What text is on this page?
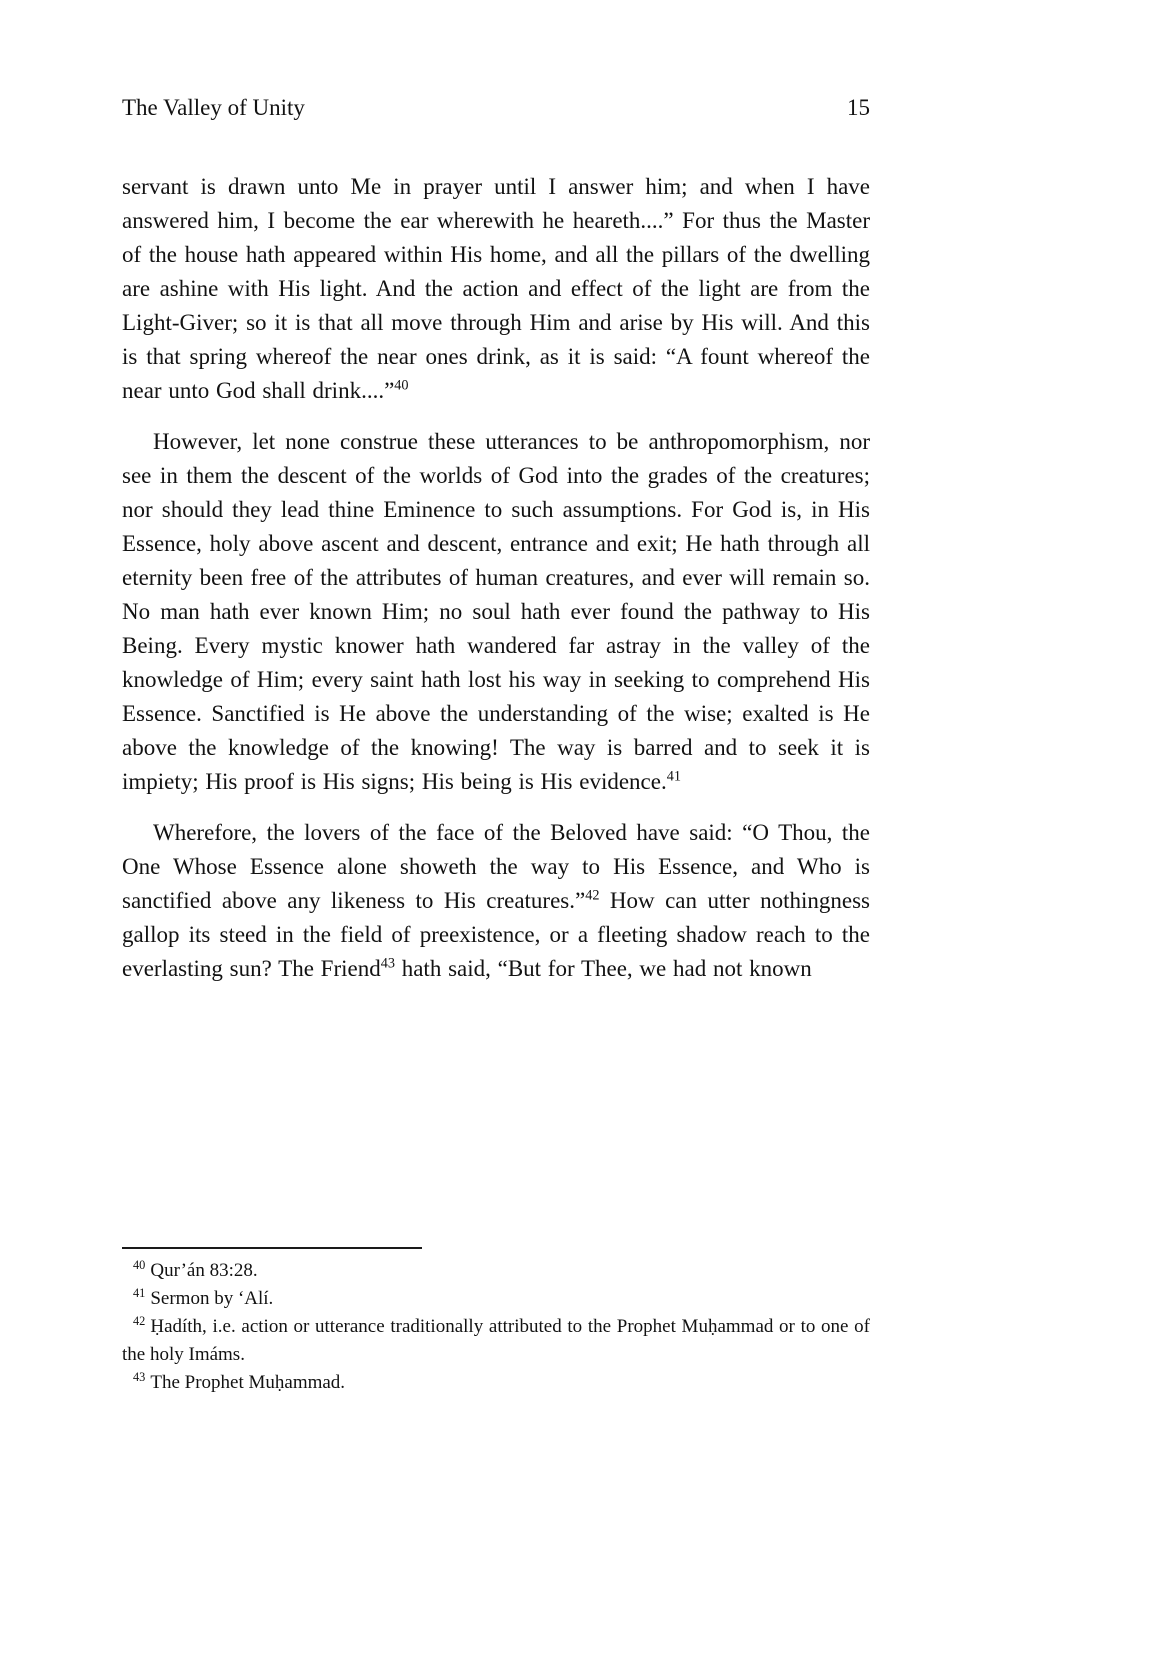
The Valley of Unity	15

servant is drawn unto Me in prayer until I answer him; and when I have answered him, I become the ear wherewith he heareth....” For thus the Master of the house hath appeared within His home, and all the pillars of the dwelling are ashine with His light. And the action and effect of the light are from the Light-Giver; so it is that all move through Him and arise by His will. And this is that spring whereof the near ones drink, as it is said: “A fount whereof the near unto God shall drink....”$^{40}$

However, let none construe these utterances to be anthropomorphism, nor see in them the descent of the worlds of God into the grades of the creatures; nor should they lead thine Eminence to such assumptions. For God is, in His Essence, holy above ascent and descent, entrance and exit; He hath through all eternity been free of the attributes of human creatures, and ever will remain so. No man hath ever known Him; no soul hath ever found the pathway to His Being. Every mystic knower hath wandered far astray in the valley of the knowledge of Him; every saint hath lost his way in seeking to comprehend His Essence. Sanctified is He above the understanding of the wise; exalted is He above the knowledge of the knowing! The way is barred and to seek it is impiety; His proof is His signs; His being is His evidence.$^{41}$

Wherefore, the lovers of the face of the Beloved have said: “O Thou, the One Whose Essence alone showeth the way to His Essence, and Who is sanctified above any likeness to His creatures.”$^{42}$ How can utter nothingness gallop its steed in the field of preexistence, or a fleeting shadow reach to the everlasting sun? The Friend$^{43}$ hath said, “But for Thee, we had not known

$^{40}$ Qur’án 83:28.

$^{41}$ Sermon by ‘Alí.

$^{42}$ Ḥadíth, i.e. action or utterance traditionally attributed to the Prophet Muḥammad or to one of the holy Imáms.

$^{43}$ The Prophet Muḥammad.
